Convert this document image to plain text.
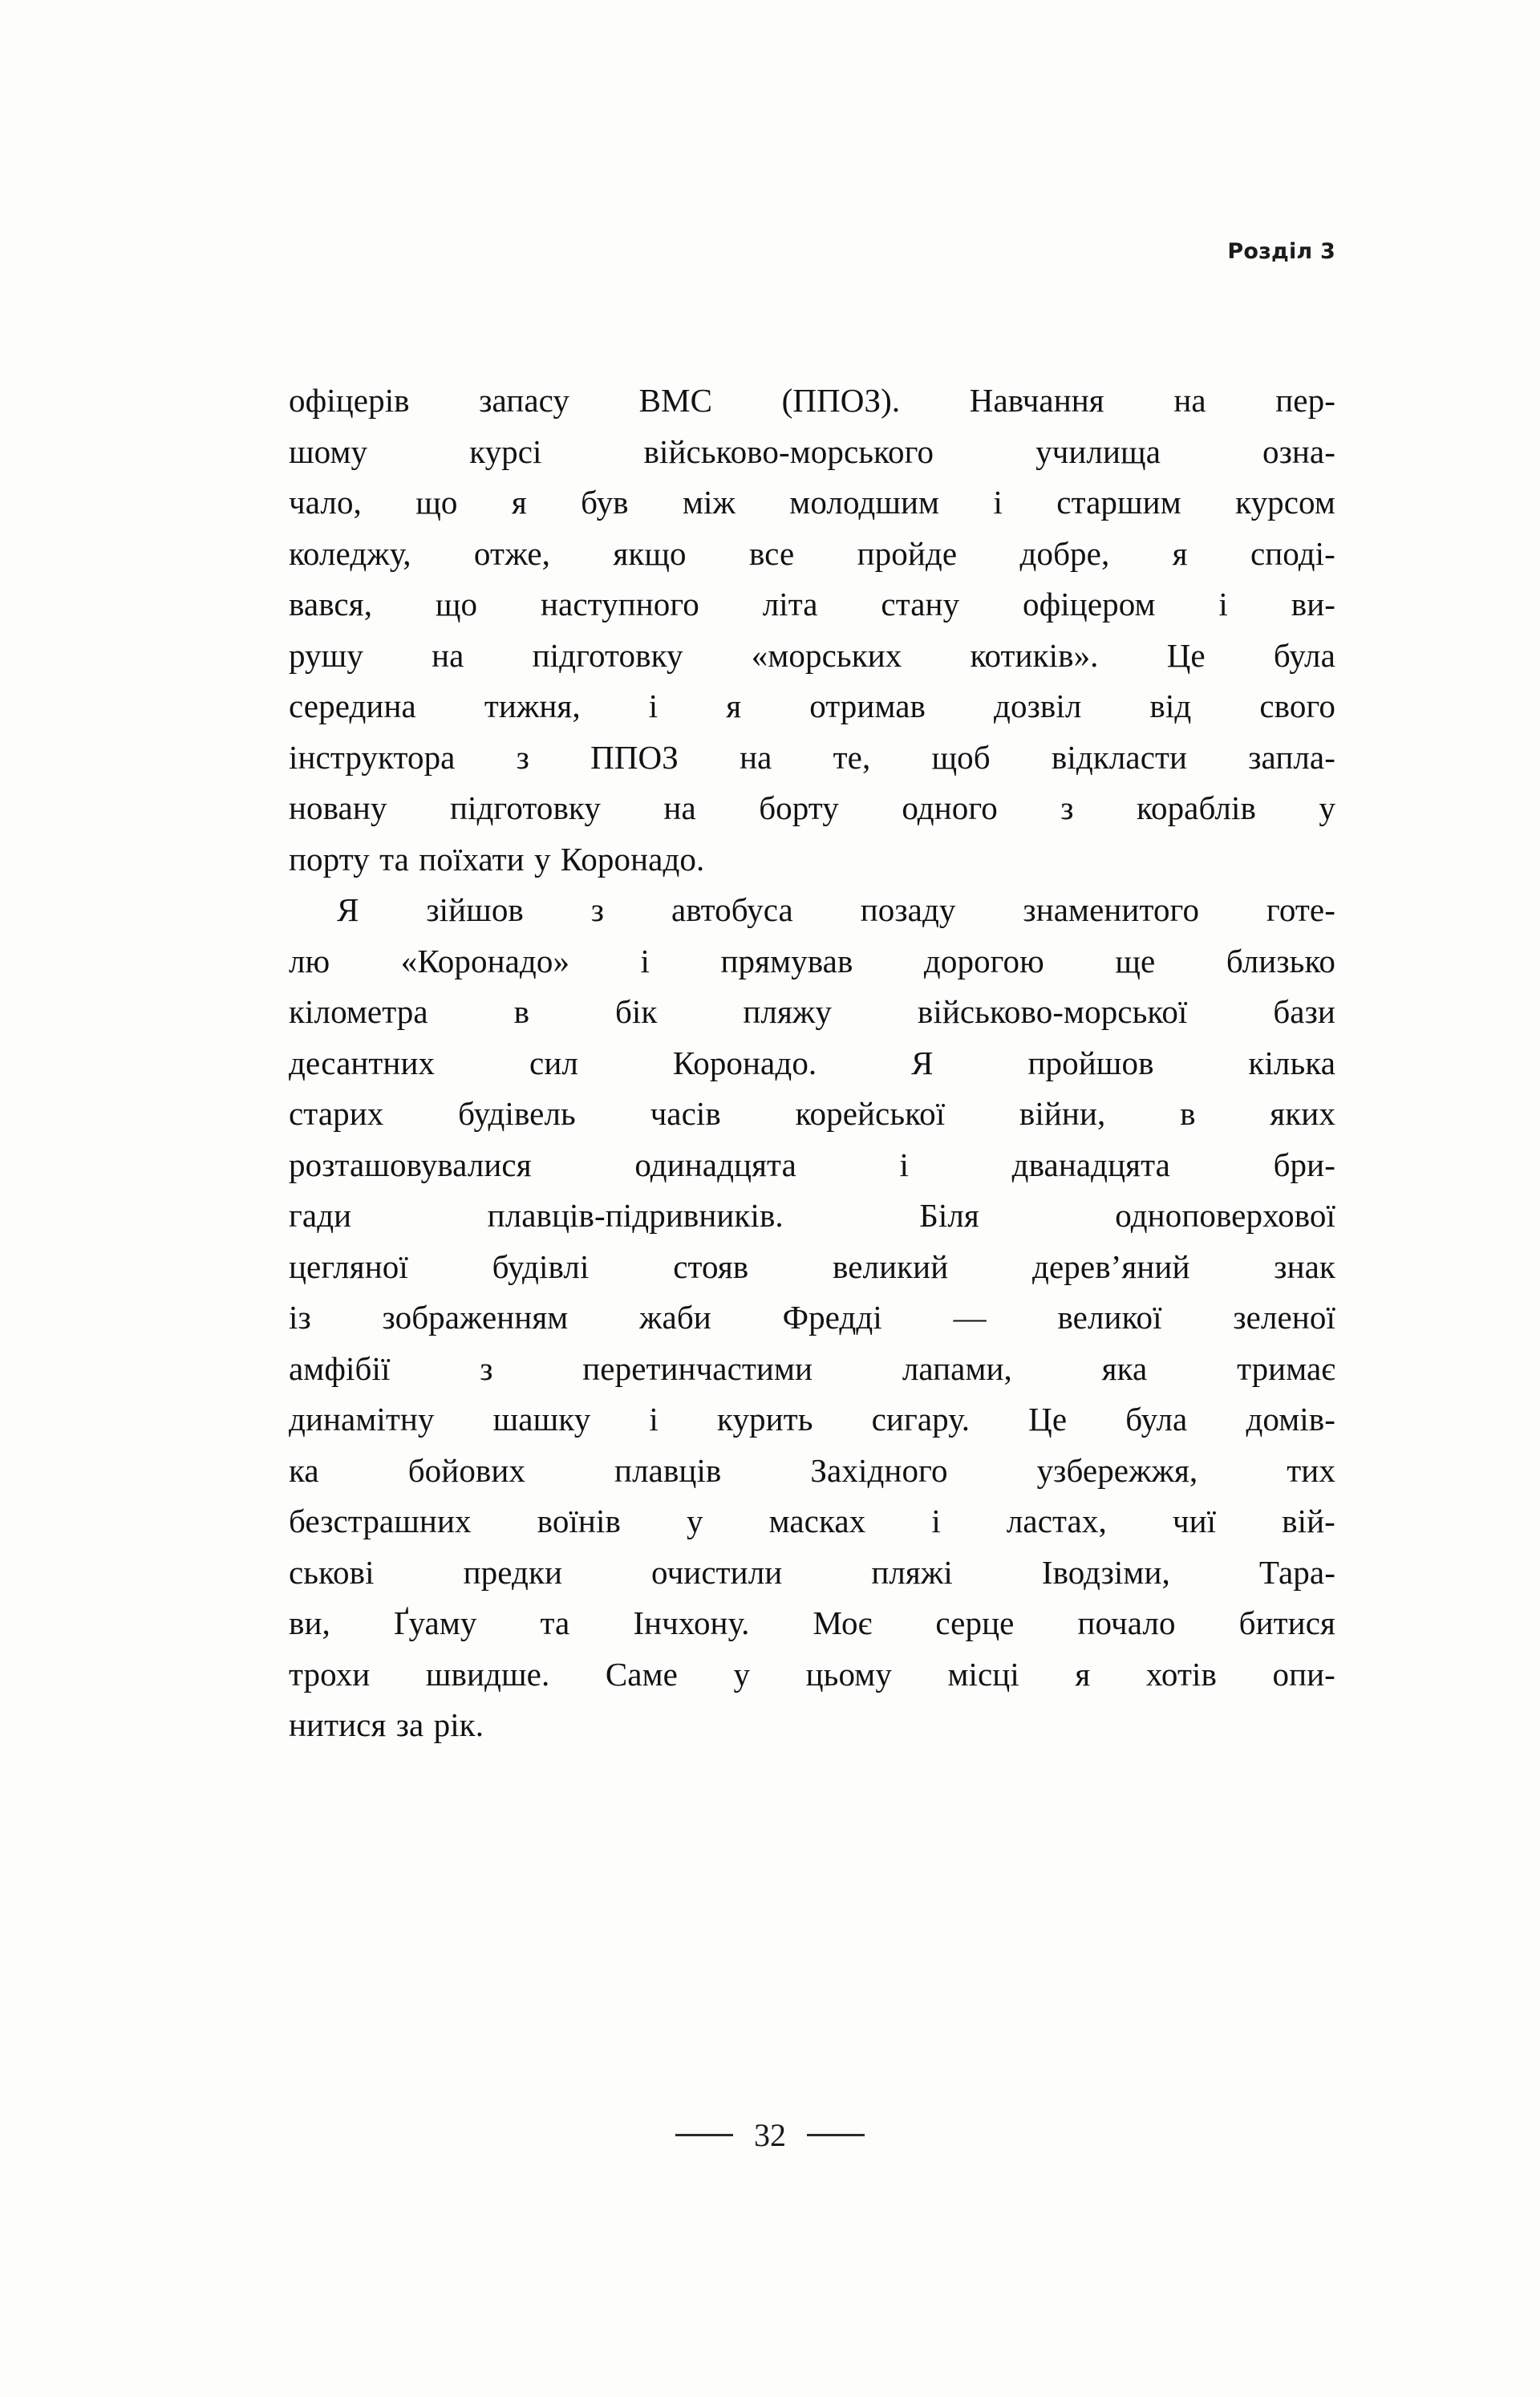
Розділ 3
офіцерів запасу ВМС (ППОЗ). Навчання на пер-
шому	курсі	військово-морського	училища	озна-
чало, що я був між молодшим і старшим курсом
коледжу, отже, якщо все пройде добре, я споді-
вався, що наступного літа стану офіцером і ви-
рушу на підготовку «морських котиків». Це була
середина тижня, і я отримав дозвіл від свого
інструктора з ППОЗ на те, щоб відкласти запла-
новану підготовку на борту одного з кораблів у
порту та поїхати у Коронадо.
Я зійшов з автобуса позаду знаменитого готе-
лю «Коронадо» і прямував дорогою ще близько
кілометра	в	бік	пляжу	військово-морської	бази
десантних	сил	Коронадо.	Я	пройшов	кілька
старих будівель часів корейської війни, в яких
розташовувалися	одинадцята	і	дванадцята	бри-
гади	плавців-підривників.	Біля	одноповерхової
цегляної	будівлі	стояв	великий	дерев’яний	знак
із зображенням жаби Фредді — великої зеленої
амфібії	з	перетинчастими	лапами,	яка	тримає
динамітну шашку і курить сигару. Це була домів-
ка	бойових	плавців	Західного	узбережжя,	тих
безстрашних воїнів у масках і ластах, чиї вій-
ськові	предки	очистили	пляжі	Іводзіми,	Тара-
ви, Ґуаму та Інчхону. Моє серце почало битися
трохи швидше. Саме у цьому місці я хотів опи-
нитися за рік.
32
